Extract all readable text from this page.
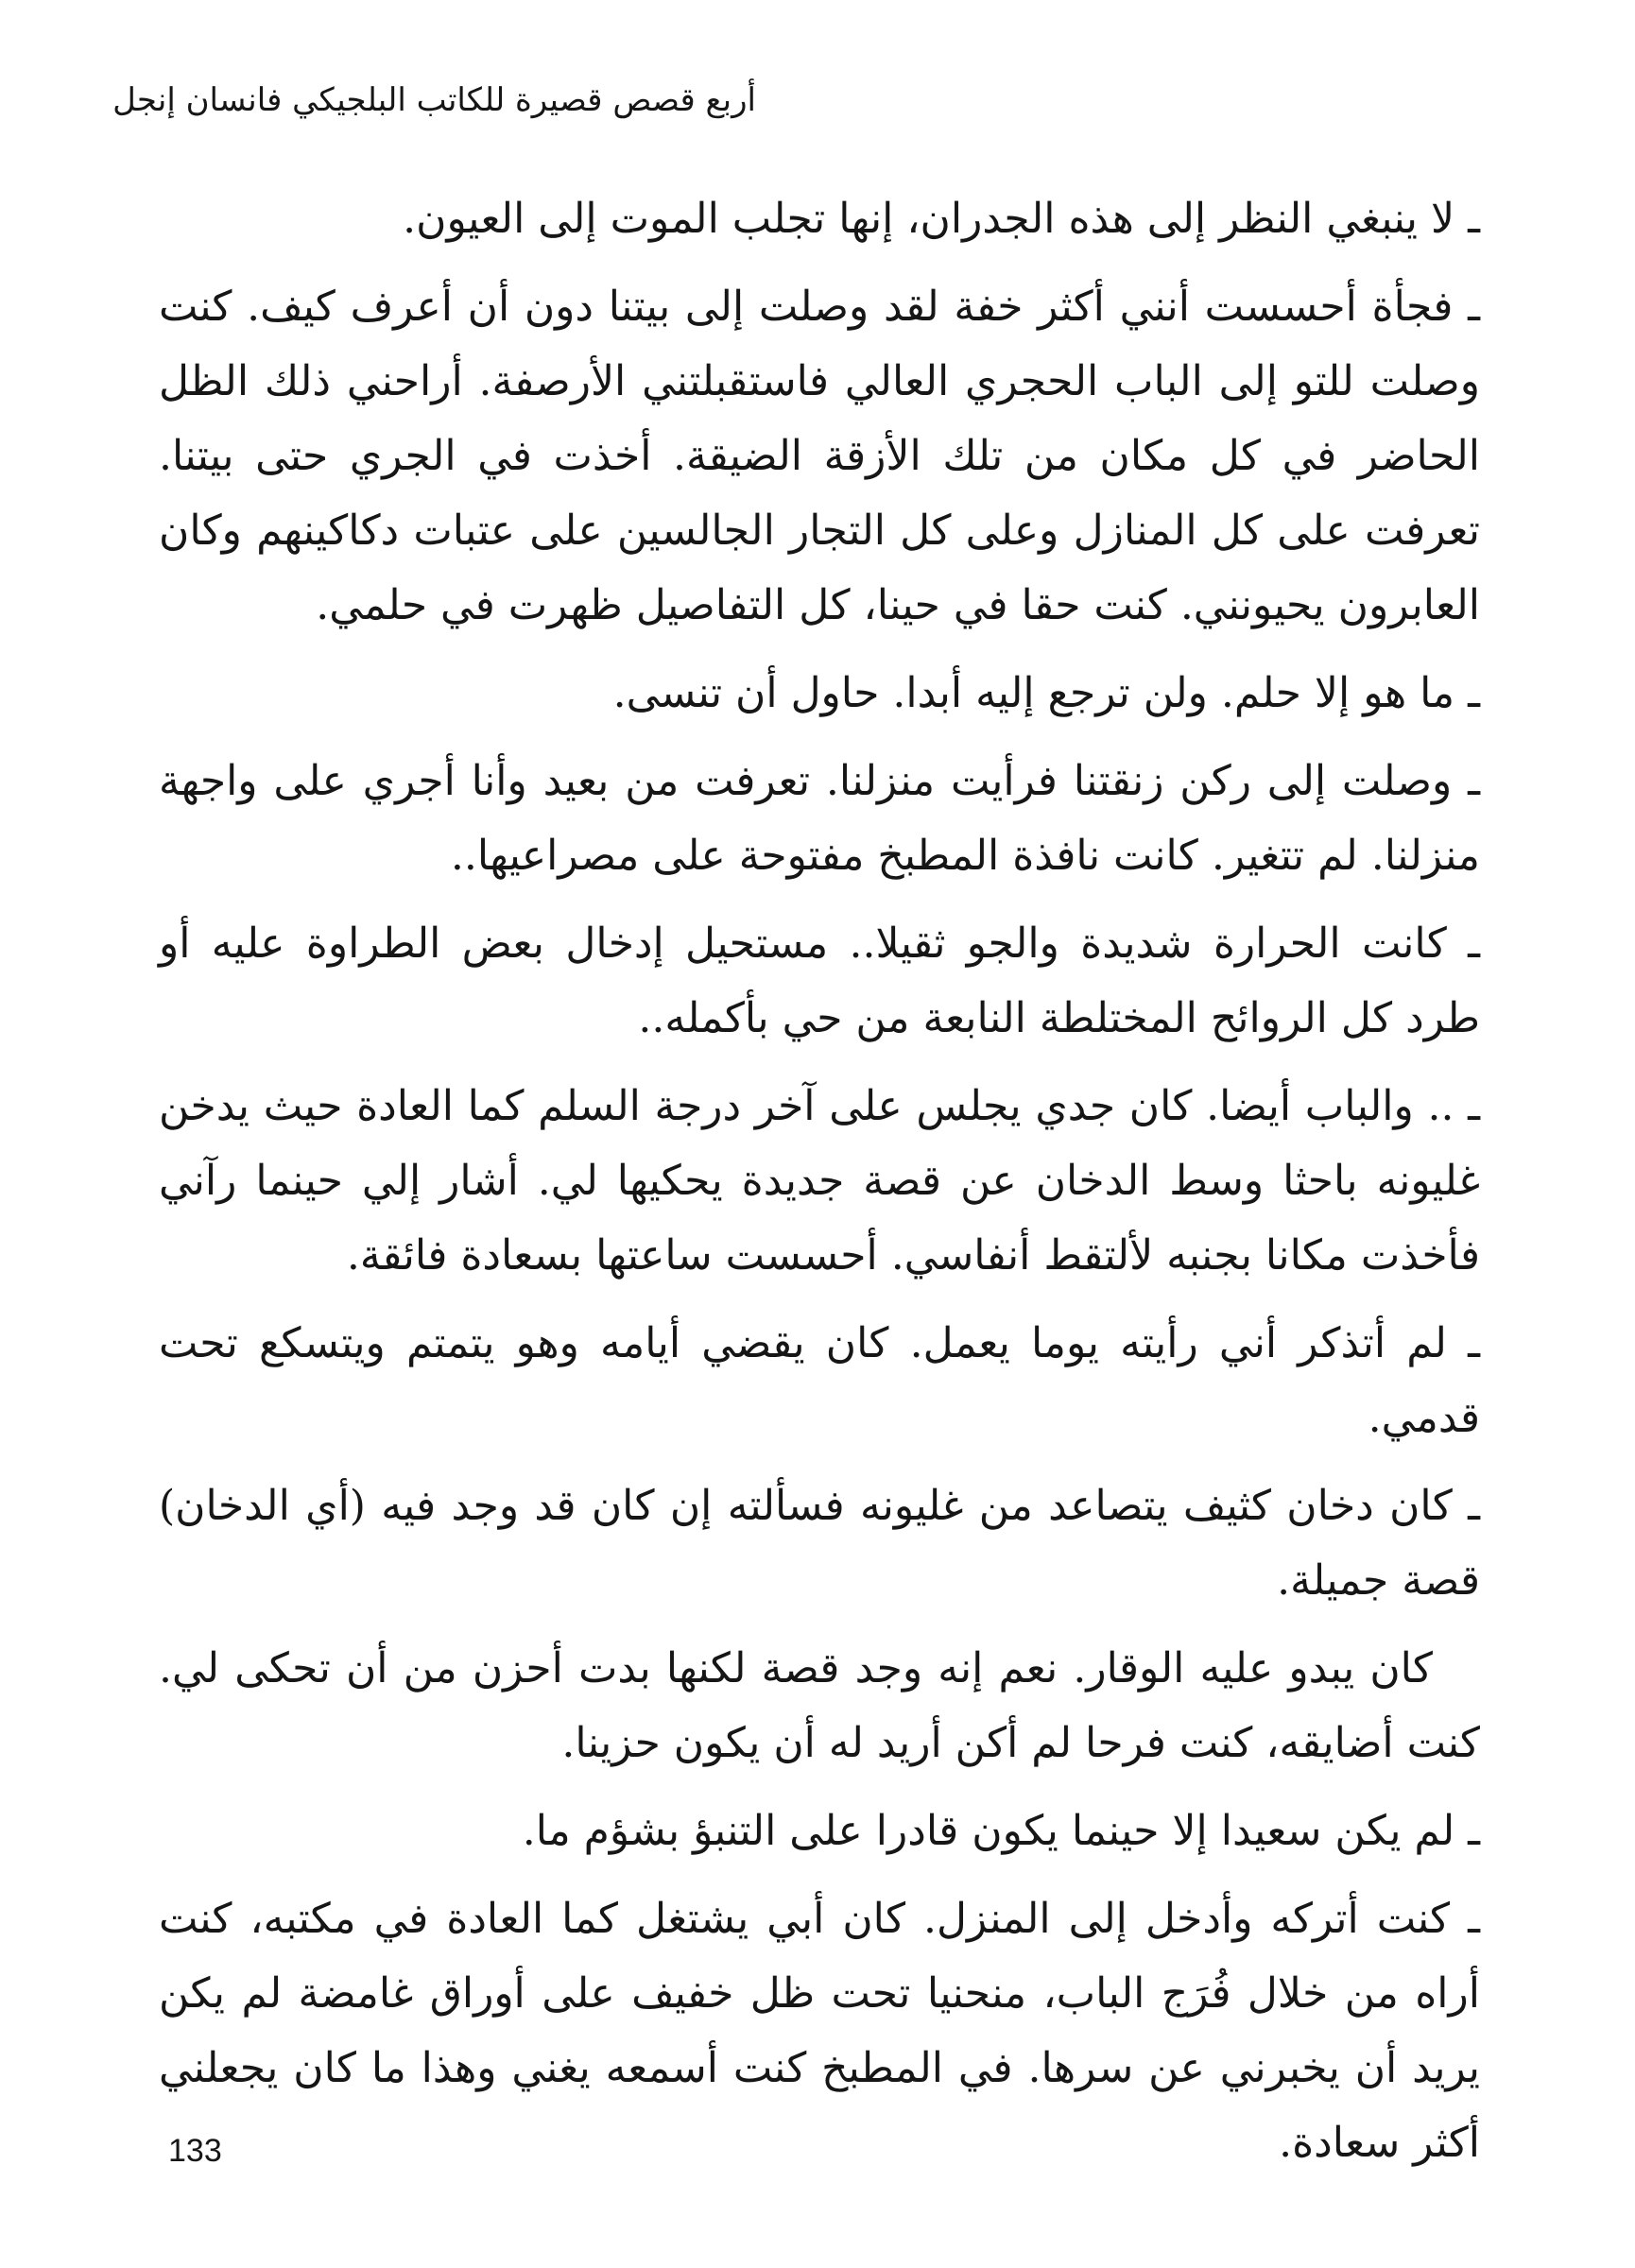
أربع قصص قصيرة للكاتب البلجيكي فانسان إنجل

ـ لا ينبغي النظر إلى هذه الجدران، إنها تجلب الموت إلى العيون.

ـ فجأة أحسست أنني أكثر خفة لقد وصلت إلى بيتنا دون أن أعرف كيف. كنت وصلت للتو إلى الباب الحجري العالي فاستقبلتني الأرصفة. أراحني ذلك الظل الحاضر في كل مكان من تلك الأزقة الضيقة. أخذت في الجري حتى بيتنا. تعرفت على كل المنازل وعلى كل التجار الجالسين على عتبات دكاكينهم وكان العابرون يحيونني. كنت حقا في حينا، كل التفاصيل ظهرت في حلمي.

ـ ما هو إلا حلم. ولن ترجع إليه أبدا. حاول أن تنسى.

ـ وصلت إلى ركن زنقتنا فرأيت منزلنا. تعرفت من بعيد وأنا أجري على واجهة منزلنا. لم تتغير. كانت نافذة المطبخ مفتوحة على مصراعيها..

ـ كانت الحرارة شديدة والجو ثقيلا.. مستحيل إدخال بعض الطراوة عليه أو طرد كل الروائح المختلطة النابعة من حي بأكمله..

ـ .. والباب أيضا. كان جدي يجلس على آخر درجة السلم كما العادة حيث يدخن غليونه باحثا وسط الدخان عن قصة جديدة يحكيها لي. أشار إلي حينما رآني فأخذت مكانا بجنبه لألتقط أنفاسي. أحسست ساعتها بسعادة فائقة.

ـ لم أتذكر أني رأيته يوما يعمل. كان يقضي أيامه وهو يتمتم ويتسكع تحت قدمي.

ـ كان دخان كثيف يتصاعد من غليونه فسألته إن كان قد وجد فيه (أي الدخان) قصة جميلة.

كان يبدو عليه الوقار. نعم إنه وجد قصة لكنها بدت أحزن من أن تحكى لي. كنت أضايقه، كنت فرحا لم أكن أريد له أن يكون حزينا.

ـ لم يكن سعيدا إلا حينما يكون قادرا على التنبؤ بشؤم ما.

ـ كنت أتركه وأدخل إلى المنزل. كان أبي يشتغل كما العادة في مكتبه، كنت أراه من خلال فُرَج الباب، منحنيا تحت ظل خفيف على أوراق غامضة لم يكن يريد أن يخبرني عن سرها. في المطبخ كنت أسمعه يغني وهذا ما كان يجعلني أكثر سعادة.

133
